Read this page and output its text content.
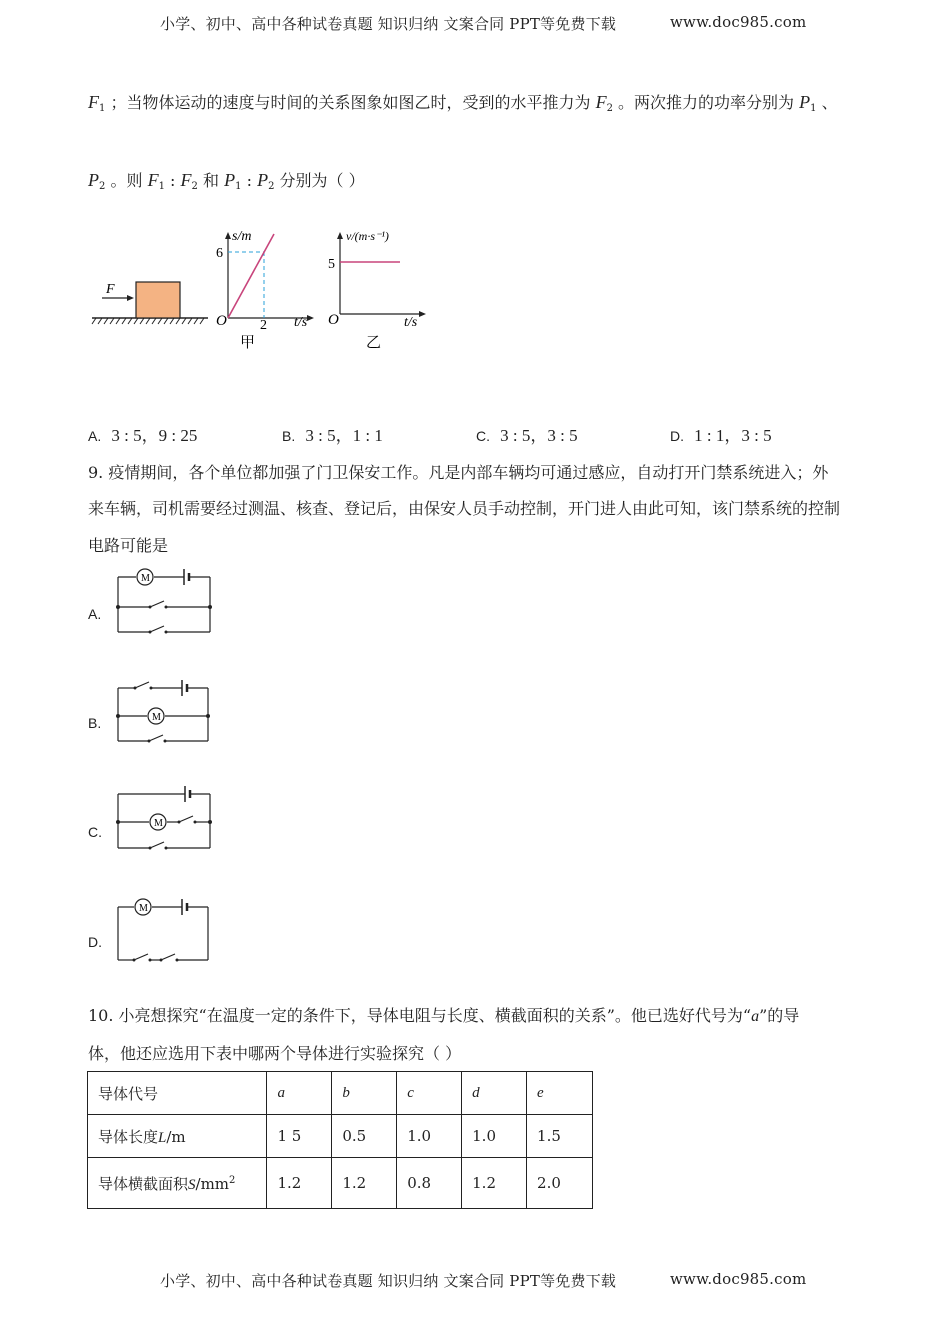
小学、初中、高中各种试卷真题 知识归纳 文案合同 PPT等免费下载	www.doc985.com
$F_1$ ；当物体运动的速度与时间的关系图象如图乙时，受到的水平推力为 $F_2$ 。两次推力的功率分别为 $P_1$ 、
$P_2$ 。则 $F_1$ : $F_2$ 和 $P_1$ : $P_2$ 分别为（ ）
F
s/m
6
2
O	t/s
甲
v/(m·s⁻¹)
5
O	t/s
乙
A. 3 : 5，9 : 25	B. 3 : 5，1 : 1	C. 3 : 5，3 : 5	D. 1 : 1，3 : 5
9. 疫情期间，各个单位都加强了门卫保安工作。凡是内部车辆均可通过感应，自动打开门禁系统进入；外
来车辆，司机需要经过测温、核查、登记后，由保安人员手动控制，开门进人由此可知，该门禁系统的控制
电路可能是
A.
M
B.	M
C.
M
D.
M
10. 小亮想探究“在温度一定的条件下，导体电阻与长度、横截面积的关系”。他已选好代号为“a”的导
体，他还应选用下表中哪两个导体进行实验探究（ ）
导体代号	a	b	c	d	e
导体长度L/m	1 5	0.5	1.0	1.0	1.5
导体横截面积$S/mm^2$	1.2	1.2	0.8	1.2	2.0
小学、初中、高中各种试卷真题 知识归纳 文案合同 PPT等免费下载	www.doc985.com
